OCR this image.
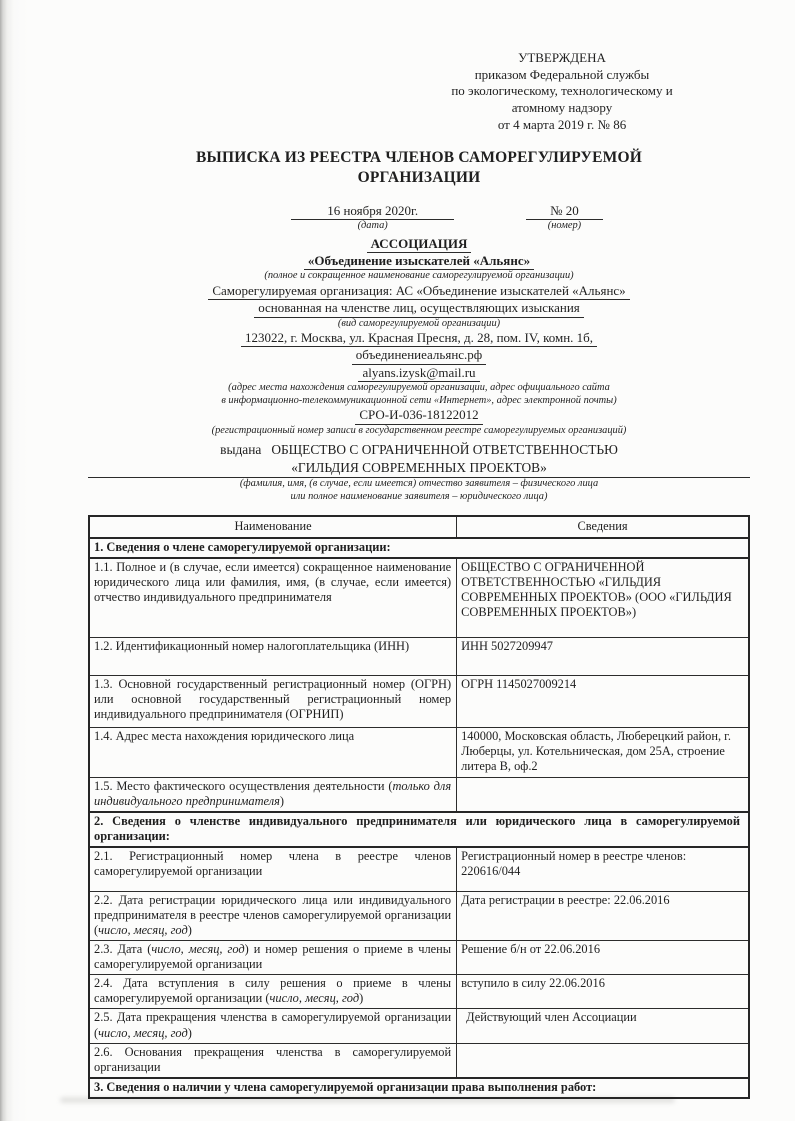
УТВЕРЖДЕНА
приказом Федеральной службы
по экологическому, технологическому и
атомному надзору
от 4 марта 2019 г. № 86
ВЫПИСКА ИЗ РЕЕСТРА ЧЛЕНОВ САМОРЕГУЛИРУЕМОЙ
ОРГАНИЗАЦИИ
16 ноября 2020г.
(дата)
№ 20
(номер)
АССОЦИАЦИЯ
«Объединение изыскателей «Альянс»
(полное и сокращенное наименование саморегулируемой организации)
Саморегулируемая организация: АС «Объединение изыскателей «Альянс»
основанная на членстве лиц, осуществляющих изыскания
(вид саморегулируемой организации)
123022, г. Москва, ул. Красная Пресня, д. 28, пом. IV, комн. 1б,
объединениеальянс.рф
alyans.izysk@mail.ru
(адрес места нахождения саморегулируемой организации, адрес официального сайта
в информационно-телекоммуникационной сети «Интернет», адрес электронной почты)
СРО-И-036-18122012
(регистрационный номер записи в государственном реестре саморегулируемых организаций)
выдана ОБЩЕСТВО С ОГРАНИЧЕННОЙ ОТВЕТСТВЕННОСТЬЮ
«ГИЛЬДИЯ СОВРЕМЕННЫХ ПРОЕКТОВ»
(фамилия, имя, (в случае, если имеется) отчество заявителя – физического лица
или полное наименование заявителя – юридического лица)
Наименование	Сведения
1. Сведения о члене саморегулируемой организации:	
1.1. Полное и (в случае, если имеется) сокращенное наименование юридического лица или фамилия, имя, (в случае, если имеется) отчество индивидуального предпринимателя	ОБЩЕСТВО С ОГРАНИЧЕННОЙ ОТВЕТСТВЕННОСТЬЮ «ГИЛЬДИЯ СОВРЕМЕННЫХ ПРОЕКТОВ» (ООО «ГИЛЬДИЯ СОВРЕМЕННЫХ ПРОЕКТОВ»)
1.2. Идентификационный номер налогоплательщика (ИНН)	ИНН 5027209947
1.3. Основной государственный регистрационный номер (ОГРН) или основной государственный регистрационный номер индивидуального предпринимателя (ОГРНИП)	ОГРН 1145027009214
1.4. Адрес места нахождения юридического лица	140000, Московская область, Люберецкий район, г. Люберцы, ул. Котельническая, дом 25А, строение литера В, оф.2
1.5. Место фактического осуществления деятельности (только для индивидуального предпринимателя)	
2. Сведения о членстве индивидуального предпринимателя или юридического лица в саморегулируемой организации:	
2.1. Регистрационный номер члена в реестре членов саморегулируемой организации	Регистрационный номер в реестре членов: 220616/044
2.2. Дата регистрации юридического лица или индивидуального предпринимателя в реестре членов саморегулируемой организации (число, месяц, год)	Дата регистрации в реестре: 22.06.2016
2.3. Дата (число, месяц, год) и номер решения о приеме в члены саморегулируемой организации	Решение б/н от 22.06.2016
2.4. Дата вступления в силу решения о приеме в члены саморегулируемой организации (число, месяц, год)	вступило в силу 22.06.2016
2.5. Дата прекращения членства в саморегулируемой организации (число, месяц, год)	Действующий член Ассоциации
2.6. Основания прекращения членства в саморегулируемой организации	
3. Сведения о наличии у члена саморегулируемой организации права выполнения работ:	
